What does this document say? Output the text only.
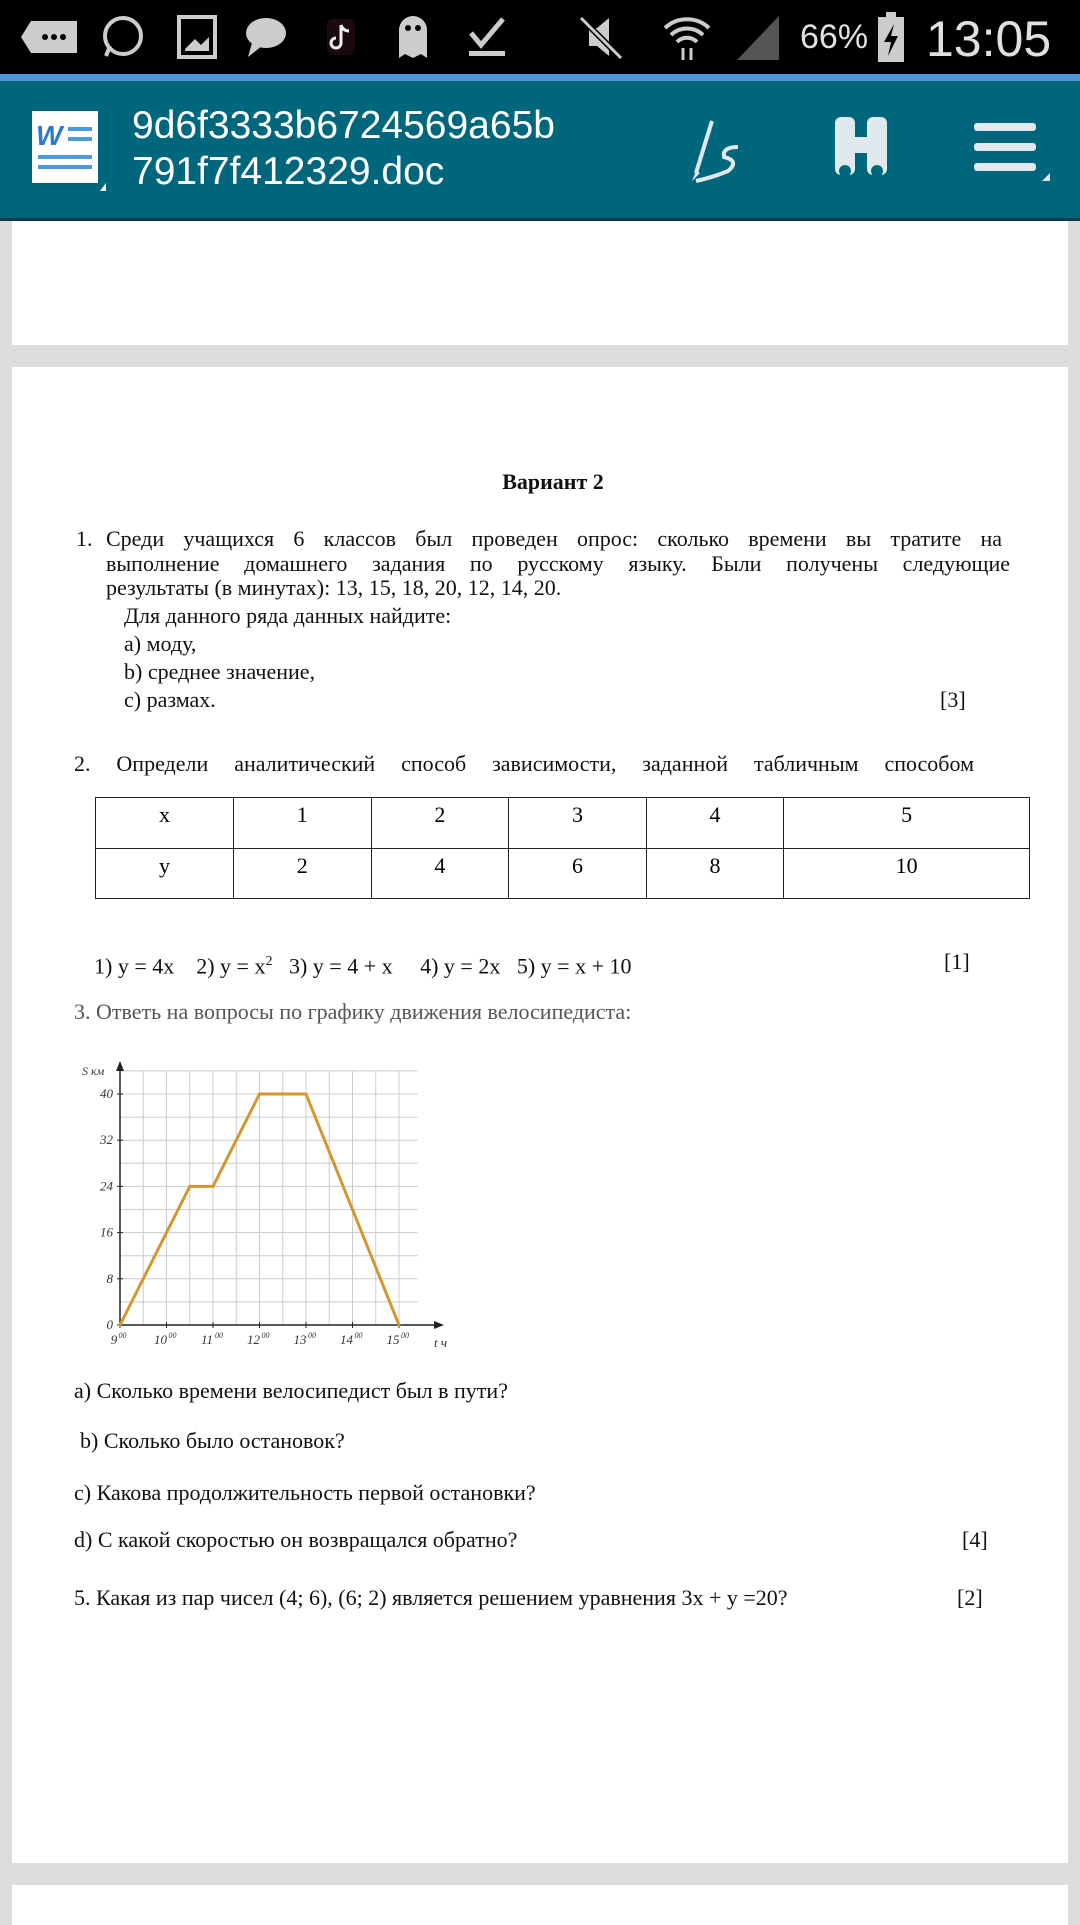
66% 13:05
W 9d6f3333b6724569a65b
791f7f412329.doc
Вариант 2
1. Среди учащихся 6 классов был проведен опрос: сколько времени вы тратите на
выполнение домашнего задания по русскому языку. Были получены следующие
результаты (в минутах): 13, 15, 18, 20, 12, 14, 20.
Для данного ряда данных найдите:
a) моду,
b) среднее значение,
c) размах.	[3]
2. Определи аналитический способ зависимости, заданной табличным способом
x	1	2	3	4	5
y	2	4	6	8	10
1) y = 4x 2) $y = x^2$ 3) y = 4 + x 4) y = 2x 5) y = x + 10	[1]
3. Ответь на вопросы по графику движения велосипедиста:
0
8
16
24
32
40
9 00 10 00 11 00 12 00 13 00 14 00 15 00
S км
t ч
a) Сколько времени велосипедист был в пути?
b) Сколько было остановок?
c) Какова продолжительность первой остановки?
d) С какой скоростью он возвращался обратно?	[4]
5. Какая из пар чисел (4; 6), (6; 2) является решением уравнения 3x + y =20?	[2]
